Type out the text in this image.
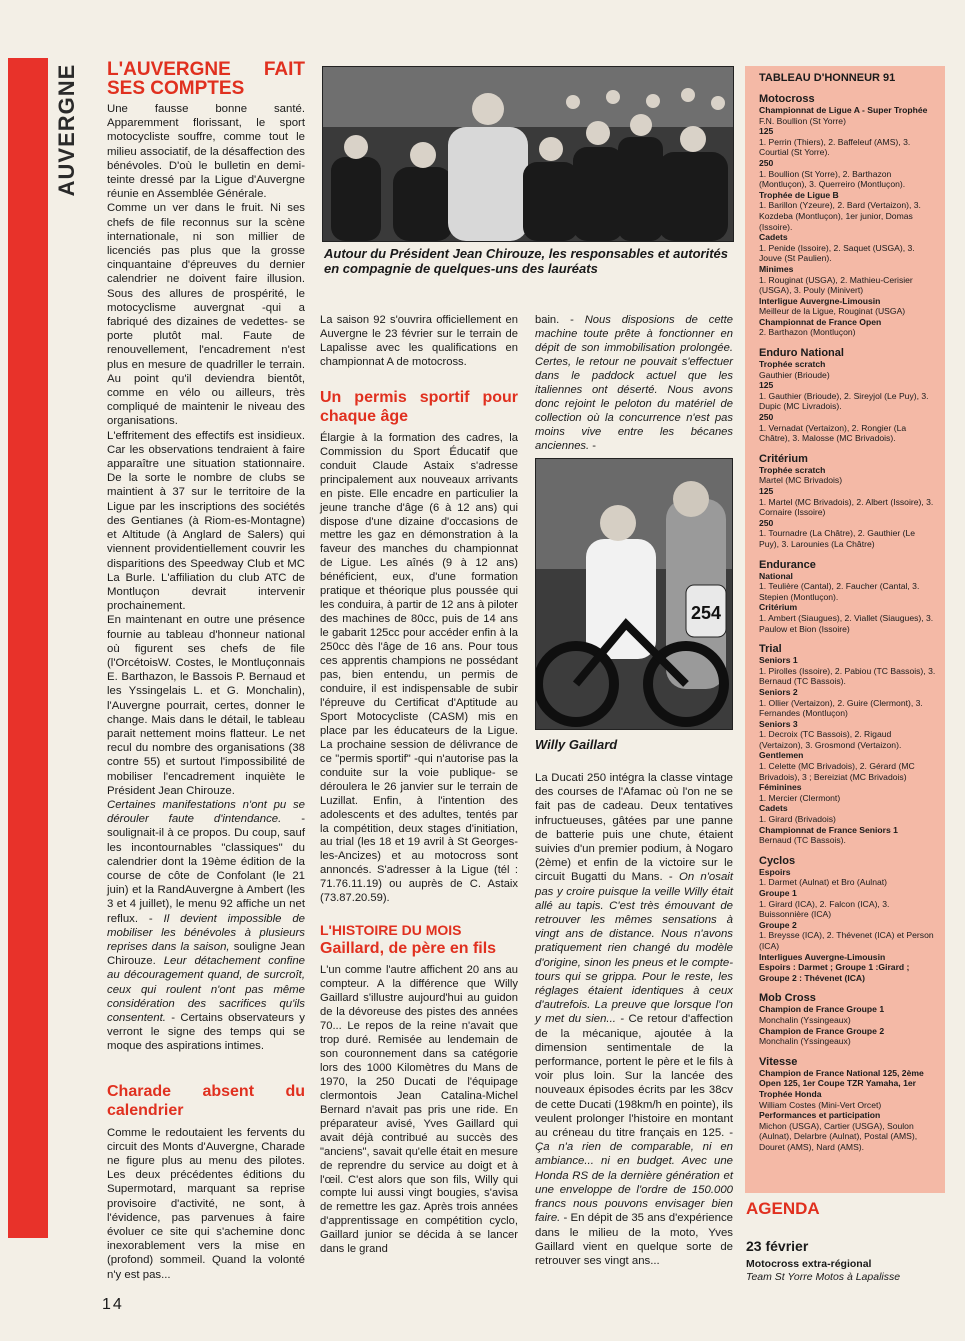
AUVERGNE L'AUVERGNE FAIT SES COMPTES

Une fausse bonne santé. Apparemment florissant, le sport motocycliste souffre, comme tout le milieu associatif, de la désaffection des bénévoles. D'où le bulletin en demi-teinte dressé par la Ligue d'Auvergne réunie en Assemblée Générale.

Comme un ver dans le fruit. Ni ses chefs de file reconnus sur la scène internationale, ni son millier de licenciés pas plus que la grosse cinquantaine d'épreuves du dernier calendrier ne doivent faire illusion. Sous des allures de prospérité, le motocyclisme auvergnat -qui a fabriqué des dizaines de vedettes- se porte plutôt mal. Faute de renouvellement, l'encadrement n'est plus en mesure de quadriller le terrain. Au point qu'il deviendra bientôt, comme en vélo ou ailleurs, très compliqué de maintenir le niveau des organisations.

L'effritement des effectifs est insidieux. Car les observations tendraient à faire apparaître une situation stationnaire. De la sorte le nombre de clubs se maintient à 37 sur le territoire de la Ligue par les inscriptions des sociétés des Gentianes (à Riom-es-Montagne) et Altitude (à Anglard de Salers) qui viennent providentiellement couvrir les disparitions des Speedway Club et MC La Burle. L'affiliation du club ATC de Montluçon devrait intervenir prochainement.

En maintenant en outre une présence fournie au tableau d'honneur national où figurent ses chefs de file (l'OrcétoisW. Costes, le Montluçonnais E. Barthazon, le Bassois P. Bernaud et les Yssingelais L. et G. Monchalin), l'Auvergne pourrait, certes, donner le change. Mais dans le détail, le tableau parait nettement moins flatteur. Le net recul du nombre des organisations (38 contre 55) et surtout l'impossibilité de mobiliser l'encadrement inquiète le Président Jean Chirouze.

Certaines manifestations n'ont pu se dérouler faute d'intendance. - soulignait-il à ce propos. Du coup, sauf les incontournables "classiques" du calendrier dont la 19ème édition de la course de côte de Confolant (le 21 juin) et la RandAuvergne à Ambert (les 3 et 4 juillet), le menu 92 affiche un net reflux. - Il devient impossible de mobiliser les bénévoles à plusieurs reprises dans la saison, souligne Jean Chirouze. Leur détachement confine au découragement quand, de surcroît, ceux qui roulent n'ont pas même considération des sacrifices qu'ils consentent. - Certains observateurs y verront le signe des temps qui se moque des aspirations intimes.

Charade absent du calendrier

Comme le redoutaient les fervents du circuit des Monts d'Auvergne, Charade ne figure plus au menu des pilotes. Les deux précédentes éditions du Supermotard, marquant sa reprise provisoire d'activité, ne sont, à l'évidence, pas parvenues à faire évoluer ce site qui s'achemine donc inexorablement vers la mise en (profond) sommeil. Quand la volonté n'y est pas...

Autour du Président Jean Chirouze, les responsables et autorités en compagnie de quelques-uns des lauréats

La saison 92 s'ouvrira officiellement en Auvergne le 23 février sur le terrain de Lapalisse avec les qualifications en championnat A de motocross.

Un permis sportif pour chaque âge

Élargie à la formation des cadres, la Commission du Sport Éducatif que conduit Claude Astaix s'adresse principalement aux nouveaux arrivants en piste. Elle encadre en particulier la jeune tranche d'âge (6 à 12 ans) qui dispose d'une dizaine d'occasions de mettre les gaz en démonstration à la faveur des manches du championnat de Ligue. Les aînés (9 à 12 ans) bénéficient, eux, d'une formation pratique et théorique plus poussée qui les conduira, à partir de 12 ans à piloter des machines de 80cc, puis de 14 ans le gabarit 125cc pour accéder enfin à la 250cc dès l'âge de 16 ans. Pour tous ces apprentis champions ne possédant pas, bien entendu, un permis de conduire, il est indispensable de subir l'épreuve du Certificat d'Aptitude au Sport Motocycliste (CASM) mis en place par les éducateurs de la Ligue. La prochaine session de délivrance de ce "permis sportif" -qui n'autorise pas la conduite sur la voie publique- se déroulera le 26 janvier sur le terrain de Luzillat. Enfin, à l'intention des adolescents et des adultes, tentés par la compétition, deux stages d'initiation, au trial (les 18 et 19 avril à St Georges-les-Ancizes) et au motocross sont annoncés. S'adresser à la Ligue (tél : 71.76.11.19) ou auprès de C. Astaix (73.87.20.59).

L'HISTOIRE DU MOIS
Gaillard, de père en fils

L'un comme l'autre affichent 20 ans au compteur. A la différence que Willy Gaillard s'illustre aujourd'hui au guidon de la dévoreuse des pistes des années 70... Le repos de la reine n'avait que trop duré. Remisée au lendemain de son couronnement dans sa catégorie lors des 1000 Kilomètres du Mans de 1970, la 250 Ducati de l'équipage clermontois Jean Catalina-Michel Bernard n'avait pas pris une ride. En préparateur avisé, Yves Gaillard qui avait déjà contribué au succès des "anciens", savait qu'elle était en mesure de reprendre du service au doigt et à l'œil. C'est alors que son fils, Willy qui compte lui aussi vingt bougies, s'avisa de remettre les gaz. Après trois années d'apprentissage en compétition cyclo, Gaillard junior se décida à se lancer dans le grand

bain. - Nous disposions de cette machine toute prête à fonctionner en dépit de son immobilisation prolongée. Certes, le retour ne pouvait s'effectuer dans le paddock actuel que les italiennes ont déserté. Nous avons donc rejoint le peloton du matériel de collection où la concurrence n'est pas moins vive entre les bécanes anciennes. -

254
Willy Gaillard

La Ducati 250 intégra la classe vintage des courses de l'Afamac où l'on ne se fait pas de cadeau. Deux tentatives infructueuses, gâtées par une panne de batterie puis une chute, étaient suivies d'un premier podium, à Nogaro (2ème) et enfin de la victoire sur le circuit Bugatti du Mans. - On n'osait pas y croire puisque la veille Willy était allé au tapis. C'est très émouvant de retrouver les mêmes sensations à vingt ans de distance. Nous n'avons pratiquement rien changé du modèle d'origine, sinon les pneus et le compte-tours qui se grippa. Pour le reste, les réglages étaient identiques à ceux d'autrefois. La preuve que lorsque l'on y met du sien... - Ce retour d'affection de la mécanique, ajoutée à la dimension sentimentale de la performance, portent le père et le fils à voir plus loin. Sur la lancée des nouveaux épisodes écrits par les 38cv de cette Ducati (198km/h en pointe), ils veulent prolonger l'histoire en montant au créneau du titre français en 125. - Ça n'a rien de comparable, ni en ambiance... ni en budget. Avec une Honda RS de la dernière génération et une enveloppe de l'ordre de 150.000 francs nous pouvons envisager bien faire. - En dépit de 35 ans d'expérience dans le milieu de la moto, Yves Gaillard vient en quelque sorte de retrouver ses vingt ans...

TABLEAU D'HONNEUR 91
Motocross

Championnat de Ligue A - Super Trophée

F.N. Boullion (St Yorre)

125

1. Perrin (Thiers), 2. Baffeleuf (AMS), 3. Courtial (St Yorre).

250

1. Boullion (St Yorre), 2. Barthazon (Montluçon), 3. Querreiro (Montluçon).

Trophée de Ligue B

1. Barillon (Yzeure), 2. Bard (Vertaizon), 3. Kozdeba (Montluçon), 1er junior, Domas (Issoire).

Cadets

1. Penide (Issoire), 2. Saquet (USGA), 3. Jouve (St Paulien).

Minimes

1. Rouginat (USGA), 2. Mathieu-Cerisier (USGA), 3. Pouly (Minivert)

Interligue Auvergne-Limousin

Meilleur de la Ligue, Rouginat (USGA)

Championnat de France Open

2. Barthazon (Montluçon)

Enduro National

Trophée scratch

Gauthier (Brioude)

125

1. Gauthier (Brioude), 2. Sireyjol (Le Puy), 3. Dupic (MC Livradois).

250

1. Vernadat (Vertaizon), 2. Rongier (La Châtre), 3. Malosse (MC Brivadois).

Critérium

Trophée scratch

Martel (MC Brivadois)

125

1. Martel (MC Brivadois), 2. Albert (Issoire), 3. Cornaire (Issoire)

250

1. Tournadre (La Châtre), 2. Gauthier (Le Puy), 3. Larounies (La Châtre)

Endurance

National

1. Teulière (Cantal), 2. Faucher (Cantal, 3. Stepien (Montluçon).

Critérium

1. Ambert (Siaugues), 2. Viallet (Siaugues), 3. Paulow et Bion (Issoire)

Trial

Seniors 1

1. Pirolles (Issoire), 2. Pabiou (TC Bassois), 3. Bernaud (TC Bassois).

Seniors 2

1. Ollier (Vertaizon), 2. Guire (Clermont), 3. Fernandes (Montluçon)

Seniors 3

1. Decroix (TC Bassois), 2. Rigaud (Vertaizon), 3. Grosmond (Vertaizon).

Gentlemen

1. Celette (MC Brivadois), 2. Gérard (MC Brivadois), 3 ; Bereiziat (MC Brivadois)

Féminines

1. Mercier (Clermont)

Cadets

1. Girard (Brivadois)

Championnat de France Seniors 1

Bernaud (TC Bassois).

Cyclos

Espoirs

1. Darmet (Aulnat) et Bro (Aulnat)

Groupe 1

1. Girard (ICA), 2. Falcon (ICA), 3. Buissonnière (ICA)

Groupe 2

1. Breysse (ICA), 2. Thévenet (ICA) et Person (ICA)

Interligues Auvergne-Limousin

Espoirs : Darmet ; Groupe 1 :Girard ; Groupe 2 : Thévenet (ICA)

Mob Cross

Champion de France Groupe 1

Monchalin (Yssingeaux)

Champion de France Groupe 2

Monchalin (Yssingeaux)

Vitesse

Champion de France National 125, 2ème Open 125, 1er Coupe TZR Yamaha, 1er Trophée Honda

William Costes (Mini-Vert Orcet)

Performances et participation

Michon (USGA), Cartier (USGA), Soulon (Aulnat), Delarbre (Aulnat), Postal (AMS), Douret (AMS), Nard (AMS).

AGENDA
23 février
Motocross extra-régional
Team St Yorre Motos à Lapalisse
14
